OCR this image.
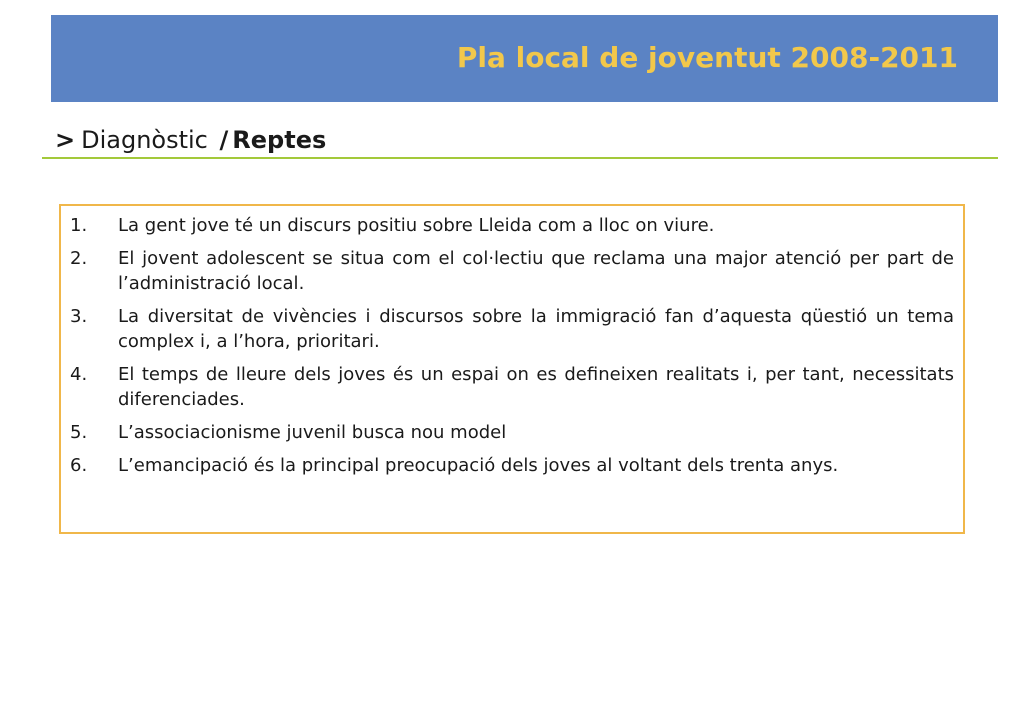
Pla local de joventut 2008-2011
> Diagnòstic / Reptes
1.	La gent jove té un discurs positiu sobre Lleida com a lloc on viure.
2.	El jovent adolescent se situa com el col·lectiu que reclama una major atenció per part de l’administració local.
3.	La diversitat de vivències i discursos sobre la immigració fan d’aquesta qüestió un tema complex i, a l’hora, prioritari.
4.	El temps de lleure dels joves és un espai on es defineixen realitats i, per tant, necessitats diferenciades.
5.	L’associacionisme juvenil busca nou model
6.	L’emancipació és la principal preocupació dels joves al voltant dels trenta anys.
